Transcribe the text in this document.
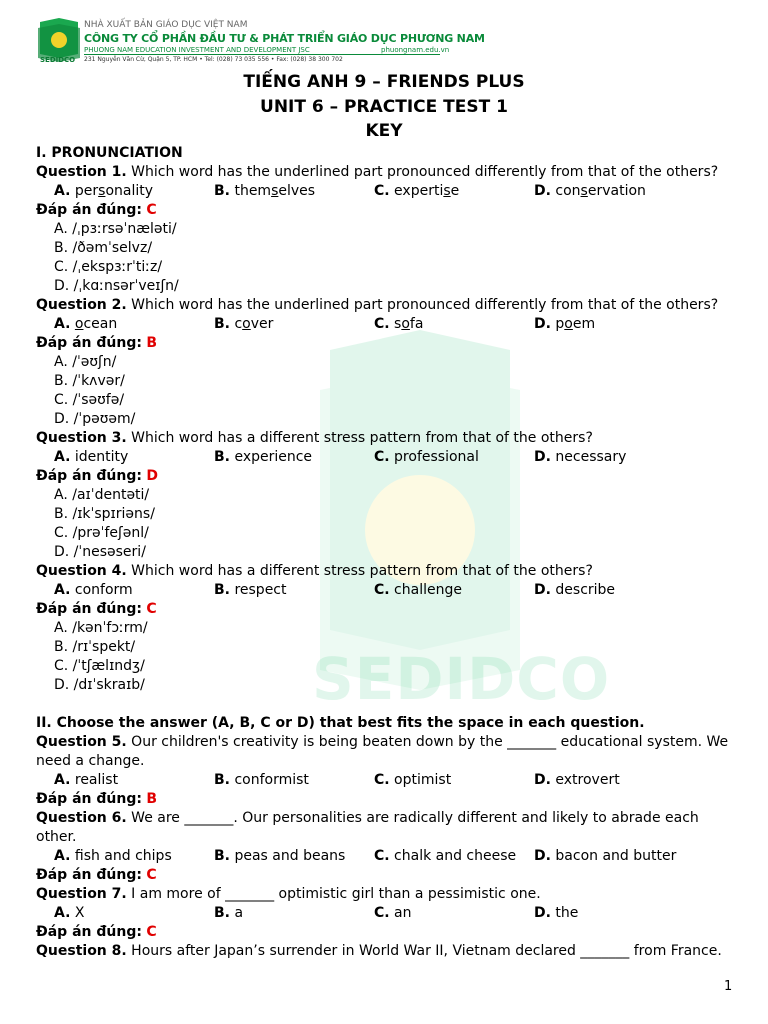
SEDIDCO
SEDIDCO
NHÀ XUẤT BẢN GIÁO DỤC VIỆT NAM
CÔNG TY CỔ PHẦN ĐẦU TƯ & PHÁT TRIỂN GIÁO DỤC PHƯƠNG NAM
PHUONG NAM EDUCATION INVESTMENT AND DEVELOPMENT JSC	phuongnam.edu.vn
231 Nguyễn Văn Cừ, Quận 5, TP. HCM • Tel: (028) 73 035 556 • Fax: (028) 38 300 702
TIẾNG ANH 9 – FRIENDS PLUS
UNIT 6 – PRACTICE TEST 1
KEY
I. PRONUNCIATION
Question 1. Which word has the underlined part pronounced differently from that of the others?
A. personality	B. themselves	C. expertise	D. conservation
Đáp án đúng: C
A. /ˌpɜːrsəˈnæləti/
B. /ðəmˈselvz/
C. /ˌekspɜːrˈtiːz/
D. /ˌkɑːnsərˈveɪʃn/
Question 2. Which word has the underlined part pronounced differently from that of the others?
A. ocean	B. cover	C. sofa	D. poem
Đáp án đúng: B
A. /ˈəʊʃn/
B. /ˈkʌvər/
C. /ˈsəʊfə/
D. /ˈpəʊəm/
Question 3. Which word has a different stress pattern from that of the others?
A. identity	B. experience	C. professional	D. necessary
Đáp án đúng: D
A. /aɪˈdentəti/
B. /ɪkˈspɪriəns/
C. /prəˈfeʃənl/
D. /ˈnesəseri/
Question 4. Which word has a different stress pattern from that of the others?
A. conform	B. respect	C. challenge	D. describe
Đáp án đúng: C
A. /kənˈfɔːrm/
B. /rɪˈspekt/
C. /ˈtʃælɪndʒ/
D. /dɪˈskraɪb/
II. Choose the answer (A, B, C or D) that best fits the space in each question.
Question 5. Our children's creativity is being beaten down by the _______ educational system. We
need a change.
A. realist	B. conformist	C. optimist	D. extrovert
Đáp án đúng: B
Question 6. We are _______. Our personalities are radically different and likely to abrade each
other.
A. fish and chips	B. peas and beans C. chalk and cheese D. bacon and butter
Đáp án đúng: C
Question 7. I am more of _______ optimistic girl than a pessimistic one.
A. X	B. a	C. an	D. the
Đáp án đúng: C
Question 8. Hours after Japan’s surrender in World War II, Vietnam declared _______ from France.
1
